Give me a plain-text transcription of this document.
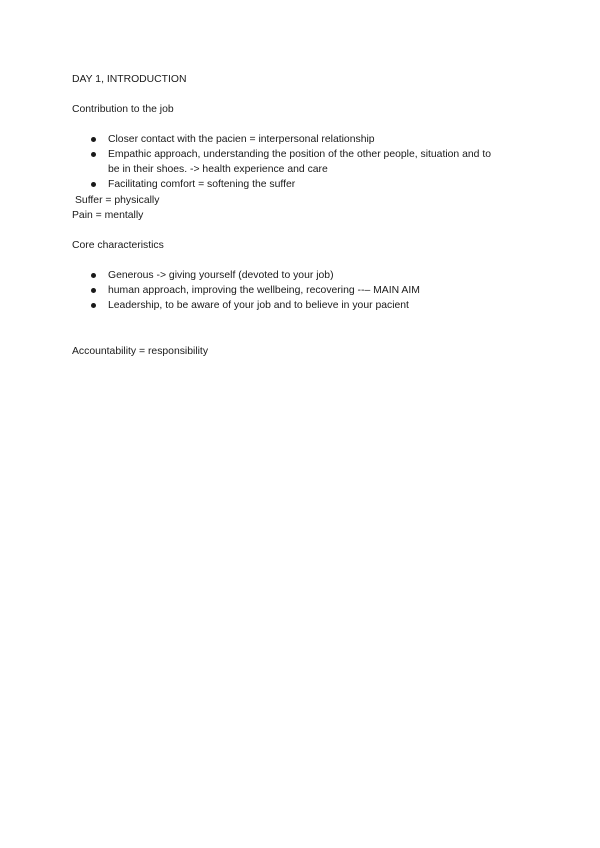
DAY 1, INTRODUCTION
Contribution to the job
Closer contact with the pacien = interpersonal relationship
Empathic approach, understanding the position of the other people, situation and to
be in their shoes. -> health experience and care
Facilitating comfort = softening the suffer
Suffer = physically
Pain = mentally
Core characteristics
Generous -> giving yourself (devoted to your job)
human approach, improving the wellbeing, recovering --– MAIN AIM
Leadership, to be aware of your job and to believe in your pacient
Accountability = responsibility
